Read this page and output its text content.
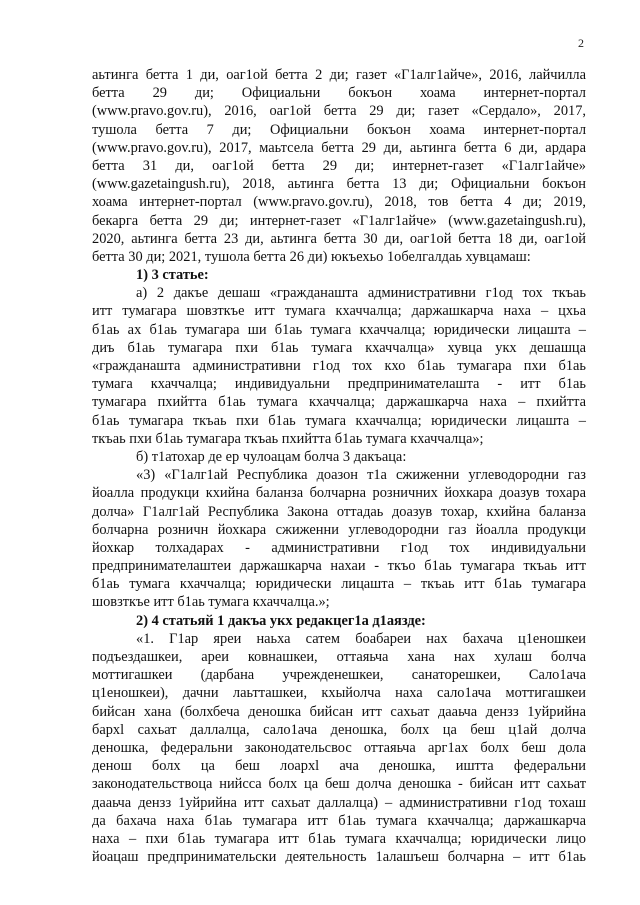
2
аьтинга бетта 1 ди, оаг1ой бетта 2 ди; газет «Г1алг1айче», 2016, лайчилла
бетта 29 ди; Официальни бокъон хоама интернет-портал
(www.pravo.gov.ru), 2016, оаг1ой бетта 29 ди; газет «Сердало», 2017,
тушола бетта 7 ди; Официальни бокъон хоама интернет-портал
(www.pravo.gov.ru), 2017, маьтсела бетта 29 ди, аьтинга бетта 6 ди, ардара
бетта 31 ди, оаг1ой бетта 29 ди; интернет-газет «Г1алг1айче»
(www.gazetaingush.ru), 2018, аьтинга бетта 13 ди; Официальни бокъон
хоама интернет-портал (www.pravo.gov.ru), 2018, тов бетта 4 ди; 2019,
бекарга бетта 29 ди; интернет-газет «Г1алг1айче» (www.gazetaingush.ru),
2020, аьтинга бетта 23 ди, аьтинга бетта 30 ди, оаг1ой бетта 18 ди, оаг1ой
бетта 30 ди; 2021, тушола бетта 26 ди) юкъехьо 1обелгалдаь хувцамаш:
1) 3 статье:
а) 2 дакъе дешаш «гражданашта административни г1од тох ткъаь
итт тумагара шовзткъе итт тумага кхаччалца; даржашкарча наха – цхьа
б1аь ах б1аь тумагара ши б1аь тумага кхаччалца; юридически лицашта –
диъ б1аь тумагара пхи б1аь тумага кхаччалца» хувца укх дешашца
«гражданашта административни г1од тох кхо б1аь тумагара пхи б1аь
тумага кхаччалца; индивидуальни предпринимателашта - итт б1аь
тумагара пхийтта б1аь тумага кхаччалца; даржашкарча наха – пхийтта
б1аь тумагара ткъаь пхи б1аь тумага кхаччалца; юридически лицашта –
ткъаь пхи б1аь тумагара ткъаь пхийтта б1аь тумага кхаччалца»;
б) т1атохар де ер чулоацам болча 3 дакъаца:
«3) «Г1алг1ай Республика доазон т1а сжиженни углеводородни газ
йоалла продукци кхийна баланза болчарна розничних йохкара доазув тохара
долча» Г1алг1ай Республика Закона оттадаь доазув тохар, кхийна баланза
болчарна розничн йохкара сжиженни углеводородни газ йоалла продукци
йохкар толхадарах - административни г1од тох индивидуальни
предпринимателаштеи даржашкарча нахаи - ткъо б1аь тумагара ткъаь итт
б1аь тумага кхаччалца; юридически лицашта – ткъаь итт б1аь тумагара
шовзткъе итт б1аь тумага кхаччалца.»;
2) 4 статьяй 1 дакъа укх редакцег1а д1аязде:
«1. Г1ар яреи наьха сатем боабареи нах бахача ц1еношкеи
подъездашкеи, ареи ковнашкеи, оттаяьча хана нах хулаш болча
моттигашкеи (дарбана учрежденешкеи, санаторешкеи, Сало1ача
ц1еношкеи), дачни лаьтташкеи, кхыйолча наха сало1ача моттигашкеи
бийсан хана (болхбеча деношка бийсан итт сахьат дааьча дензз 1уйрийна
бархl сахьат даллалца, сало1ача деношка, болх ца беш ц1ай долча
деношка, федеральни законодательсвос оттаяьча арг1ах болх беш дола
денош болх ца беш лоархl ача деношка, иштта федеральни
законодательствоца нийсса болх ца беш долча деношка - бийсан итт сахьат
дааьча дензз 1уйрийна итт сахьат даллалца) – административни г1од тохаш
да бахача наха б1аь тумагара итт б1аь тумага кхаччалца; даржашкарча
наха – пхи б1аь тумагара итт б1аь тумага кхаччалца; юридически лицо
йоацаш предпринимательски деятельность 1алашъеш болчарна – итт б1аь
